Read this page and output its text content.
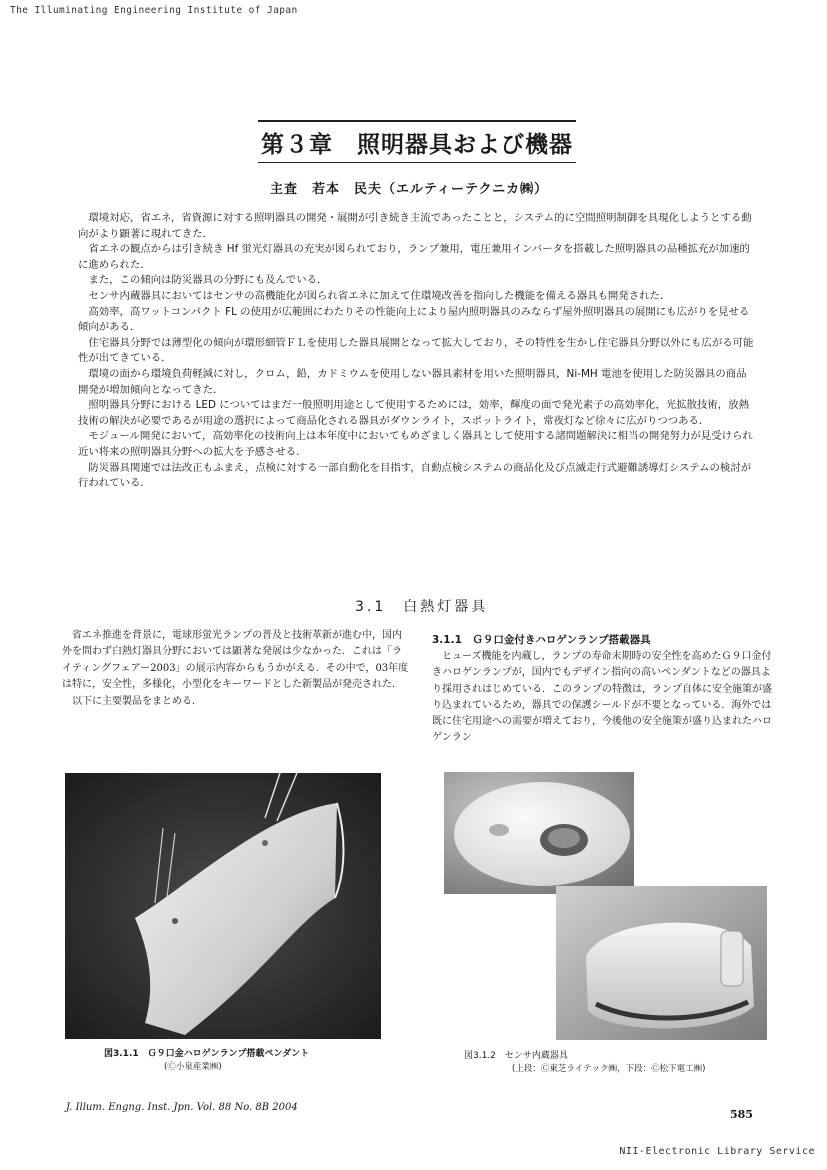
The Illuminating Engineering Institute of Japan
第３章　照明器具および機器
主査　若本　民夫（エルティーテクニカ㈱）

環境対応，省エネ，省資源に対する照明器具の開発・展開が引き続き主流であったことと，システム的に空間照明制御を具現化しようとする動向がより顕著に現れてきた．

省エネの観点からは引き続き Hf 蛍光灯器具の充実が図られており，ランプ兼用，電圧兼用インバータを搭載した照明器具の品種拡充が加速的に進められた．

また，この傾向は防災器具の分野にも及んでいる．

センサ内蔵器具においてはセンサの高機能化が図られ省エネに加えて住環境改善を指向した機能を備える器具も開発された．

高効率，高ワットコンパクト FL の使用が広範囲にわたりその性能向上により屋内照明器具のみならず屋外照明器具の展開にも広がりを見せる傾向がある．

住宅器具分野では薄型化の傾向が環形細管ＦＬを使用した器具展開となって拡大しており，その特性を生かし住宅器具分野以外にも広がる可能性が出てきている．

環境の面から環境負荷軽減に対し，クロム，鉛，カドミウムを使用しない器具素材を用いた照明器具，Ni-MH 電池を使用した防災器具の商品開発が増加傾向となってきた．

照明器具分野における LED についてはまだ一般照明用途として使用するためには，効率，輝度の面で発光素子の高効率化，光拡散技術，放熱技術の解決が必要であるが用途の選択によって商品化される器具がダウンライト，スポットライト，常夜灯など徐々に広がりつつある．

モジュール開発において，高効率化の技術向上は本年度中においてもめざましく器具として使用する諸問題解決に相当の開発努力が見受けられ近い将来の照明器具分野への拡大を予感させる．

防災器具関連では法改正もふまえ，点検に対する一部自動化を目指す，自動点検システムの商品化及び点滅走行式避難誘導灯システムの検討が行われている．

3.1　白熱灯器具

省エネ推進を背景に，電球形蛍光ランプの普及と技術革新が進む中，国内外を問わず白熱灯器具分野においては顕著な発展は少なかった．これは「ライティングフェアー2003」の展示内容からもうかがえる．その中で，03年度は特に，安全性，多様化，小型化をキーワードとした新製品が発売された．

以下に主要製品をまとめる．

3.1.1　Ｇ９口金付きハロゲンランプ搭載器具

ヒューズ機能を内蔵し，ランプの寿命末期時の安全性を高めたＧ９口金付きハロゲンランプが，国内でもデザイン指向の高いペンダントなどの器具より採用されはじめている．このランプの特徴は，ランプ自体に安全施策が盛り込まれているため，器具での保護シールドが不要となっている．海外では既に住宅用途への需要が増えており，今後他の安全施策が盛り込まれたハロゲンラン

図3.1.1　Ｇ９口金ハロゲンランプ搭載ペンダント
(Ⓒ小泉産業㈱)
図3.1.2　センサ内蔵器具
(上段：Ⓒ東芝ライテック㈱，下段：Ⓒ松下電工㈱)
J. Illum. Engng. Inst. Jpn. Vol. 88 No. 8B 2004
585
NII-Electronic Library Service
